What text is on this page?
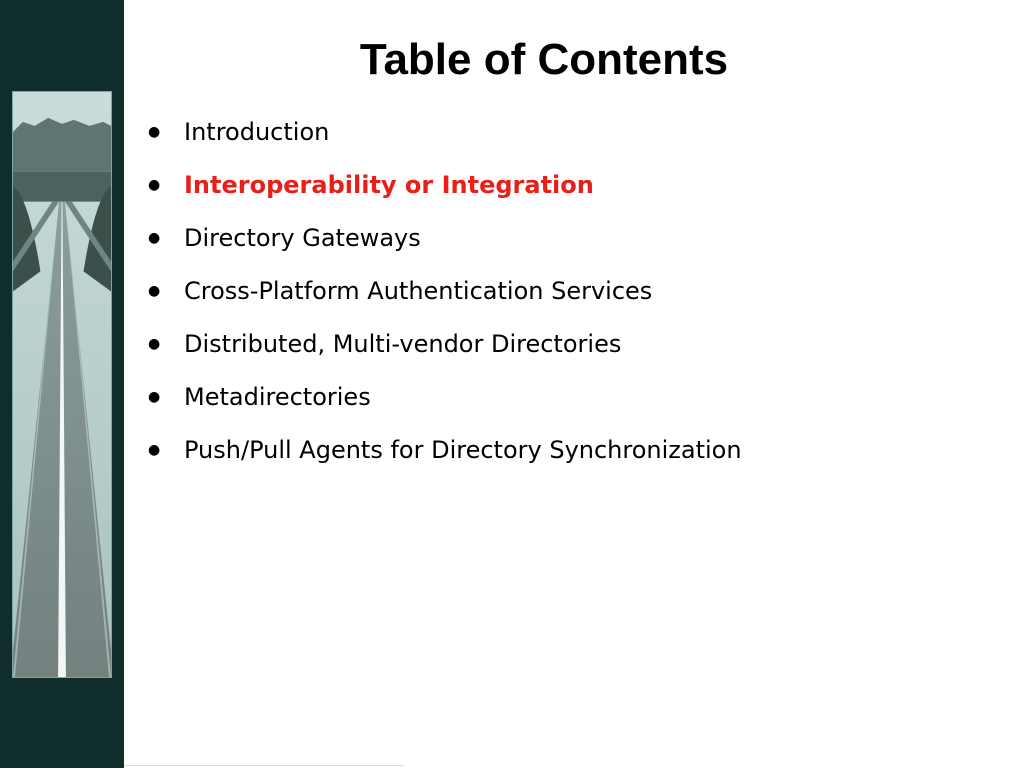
Table of Contents
● Introduction
● Interoperability or Integration
● Directory Gateways
● Cross-Platform Authentication Services
● Distributed, Multi-vendor Directories
● Metadirectories
● Push/Pull Agents for Directory Synchronization
